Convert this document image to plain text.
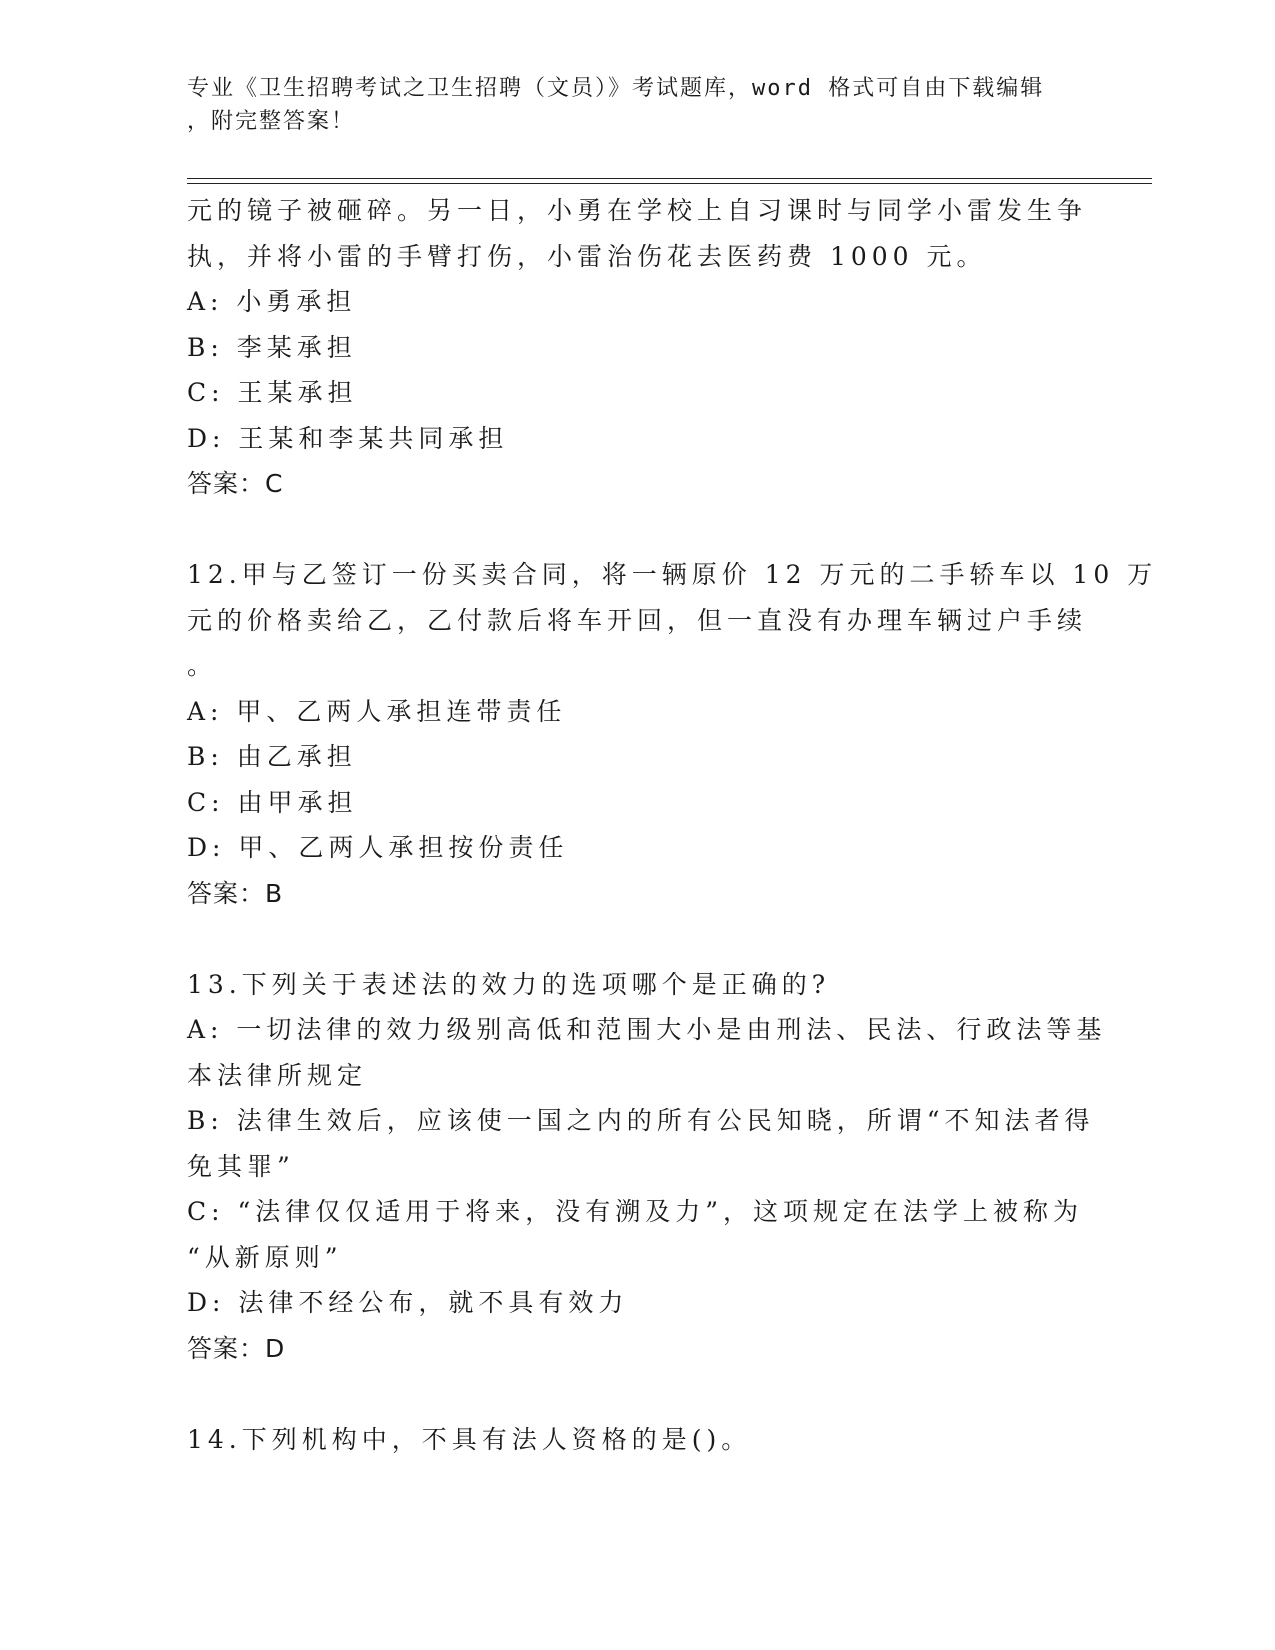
专业《卫生招聘考试之卫生招聘（文员）》考试题库，word 格式可自由下载编辑
，附完整答案！
元的镜子被砸碎。另一日，小勇在学校上自习课时与同学小雷发生争
执，并将小雷的手臂打伤，小雷治伤花去医药费 1000 元。
A: 小勇承担
B: 李某承担
C: 王某承担
D: 王某和李某共同承担
答案：C
12.甲与乙签订一份买卖合同，将一辆原价 12 万元的二手轿车以 10 万
元的价格卖给乙，乙付款后将车开回，但一直没有办理车辆过户手续
。
A: 甲、乙两人承担连带责任
B: 由乙承担
C: 由甲承担
D: 甲、乙两人承担按份责任
答案：B
13.下列关于表述法的效力的选项哪个是正确的?
A: 一切法律的效力级别高低和范围大小是由刑法、民法、行政法等基
本法律所规定
B: 法律生效后，应该使一国之内的所有公民知晓，所谓“不知法者得
免其罪”
C: “法律仅仅适用于将来，没有溯及力”，这项规定在法学上被称为
“从新原则”
D: 法律不经公布，就不具有效力
答案：D
14.下列机构中，不具有法人资格的是()。
